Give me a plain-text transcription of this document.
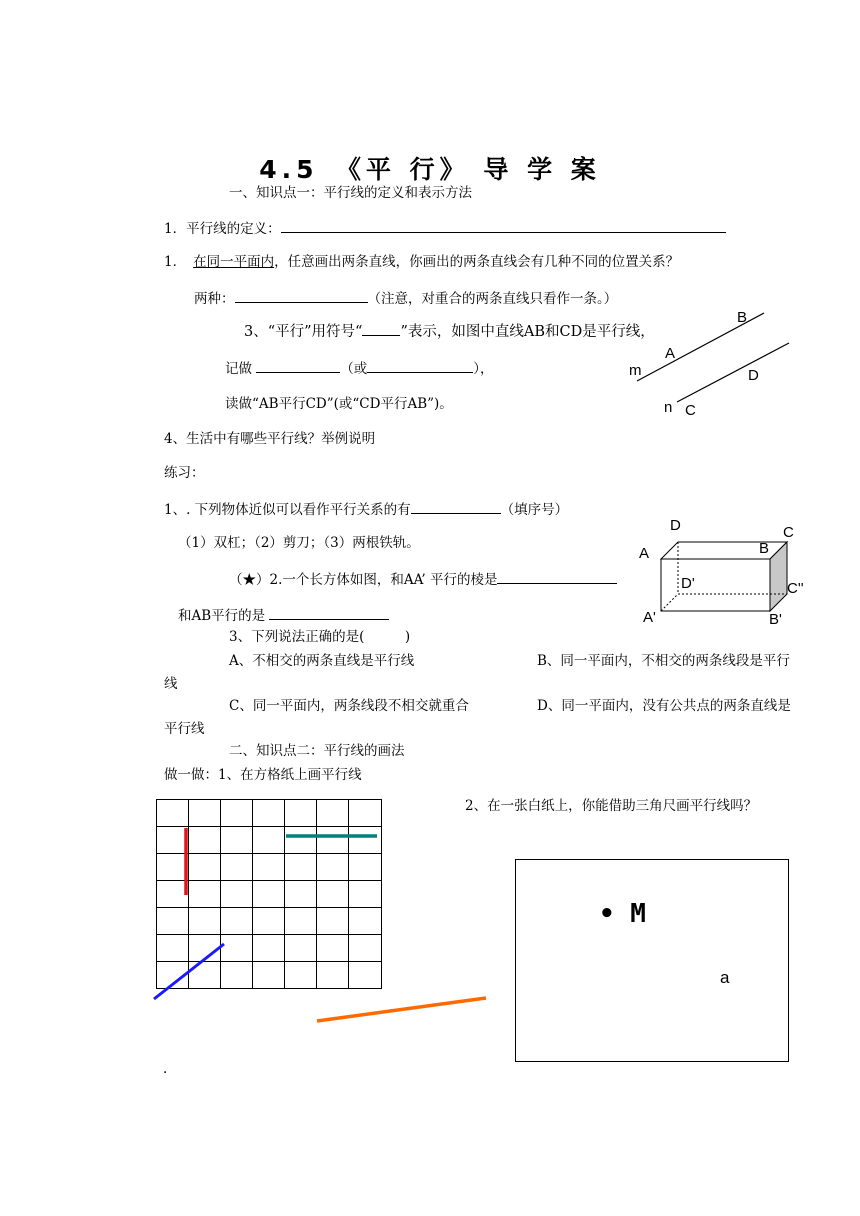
4.5　《平 行》 导 学 案
一、知识点一：平行线的定义和表示方法
1．平行线的定义：
1． 在同一平面内，任意画出两条直线，你画出的两条直线会有几种不同的位置关系？
两种：	（注意，对重合的两条直线只看作一条。）
3、“平行”用符号“	”表示，如图中直线AB和CD是平行线，
记做	（或	），
读做“AB平行CD”(或“CD平行AB”)。
4、生活中有哪些平行线？举例说明
练习：
1、. 下列物体近似可以看作平行关系的有	（填序号）
（1）双杠；（2）剪刀；（3）两根铁轨。
（★）2.一个长方体如图，和AA’ 平行的棱是
和AB平行的是
3、下列说法正确的是(　　　)
A、不相交的两条直线是平行线	B、同一平面内，不相交的两条线段是平行
线
C、同一平面内，两条线段不相交就重合	D、同一平面内，没有公共点的两条直线是
平行线
二、知识点二：平行线的画法
做一做：1、在方格纸上画平行线
2、在一张白纸上，你能借助三角尺画平行线吗？
B
A
m	D
n C
D	C
A	B
D'	C''
A'	B'
• M
a
.
